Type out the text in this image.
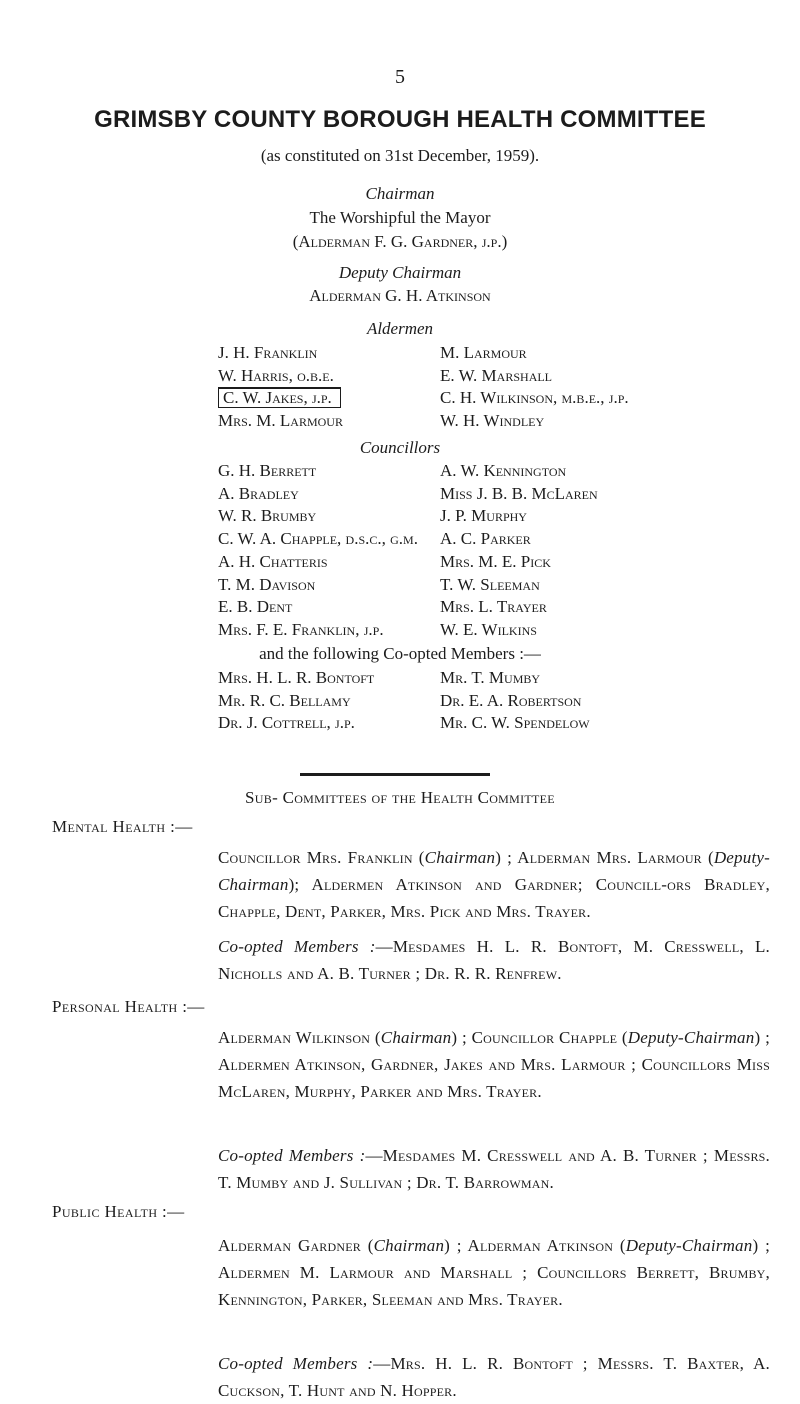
5
GRIMSBY COUNTY BOROUGH HEALTH COMMITTEE
(as constituted on 31st December, 1959).
Chairman
The Worshipful the Mayor
(Alderman F. G. Gardner, j.p.)
Deputy Chairman
Alderman G. H. Atkinson
Aldermen
J. H. Franklin
W. Harris, o.b.e.
C. W. Jakes, j.p.
Mrs. M. Larmour
M. Larmour
E. W. Marshall
C. H. Wilkinson, m.b.e., j.p.
W. H. Windley
Councillors
G. H. Berrett
A. Bradley
W. R. Brumby
C. W. A. Chapple, d.s.c., g.m.
A. H. Chatteris
T. M. Davison
E. B. Dent
Mrs. F. E. Franklin, j.p.
A. W. Kennington
Miss J. B. B. McLaren
J. P. Murphy
A. C. Parker
Mrs. M. E. Pick
T. W. Sleeman
Mrs. L. Trayer
W. E. Wilkins
and the following Co-opted Members :—
Mrs. H. L. R. Bontoft
Mr. R. C. Bellamy
Dr. J. Cottrell, j.p.
Mr. T. Mumby
Dr. E. A. Robertson
Mr. C. W. Spendelow
Sub- Committees of the Health Committee
Mental Health :—
Councillor Mrs. Franklin (Chairman) ; Alderman Mrs. Larmour (Deputy-Chairman); Aldermen Atkinson and Gardner; Councill-ors Bradley, Chapple, Dent, Parker, Mrs. Pick and Mrs. Trayer.
Co-opted Members :—Mesdames H. L. R. Bontoft, M. Cresswell, L. Nicholls and A. B. Turner ; Dr. R. R. Renfrew.
Personal Health :—
Alderman Wilkinson (Chairman) ; Councillor Chapple (Deputy-Chairman) ; Aldermen Atkinson, Gardner, Jakes and Mrs. Larmour ; Councillors Miss McLaren, Murphy, Parker and Mrs. Trayer.
Co-opted Members :—Mesdames M. Cresswell and A. B. Turner ; Messrs. T. Mumby and J. Sullivan ; Dr. T. Barrowman.
Public Health :—
Alderman Gardner (Chairman) ; Alderman Atkinson (Deputy-Chairman) ; Aldermen M. Larmour and Marshall ; Councillors Berrett, Brumby, Kennington, Parker, Sleeman and Mrs. Trayer.
Co-opted Members :—Mrs. H. L. R. Bontoft ; Messrs. T. Baxter, A. Cuckson, T. Hunt and N. Hopper.
